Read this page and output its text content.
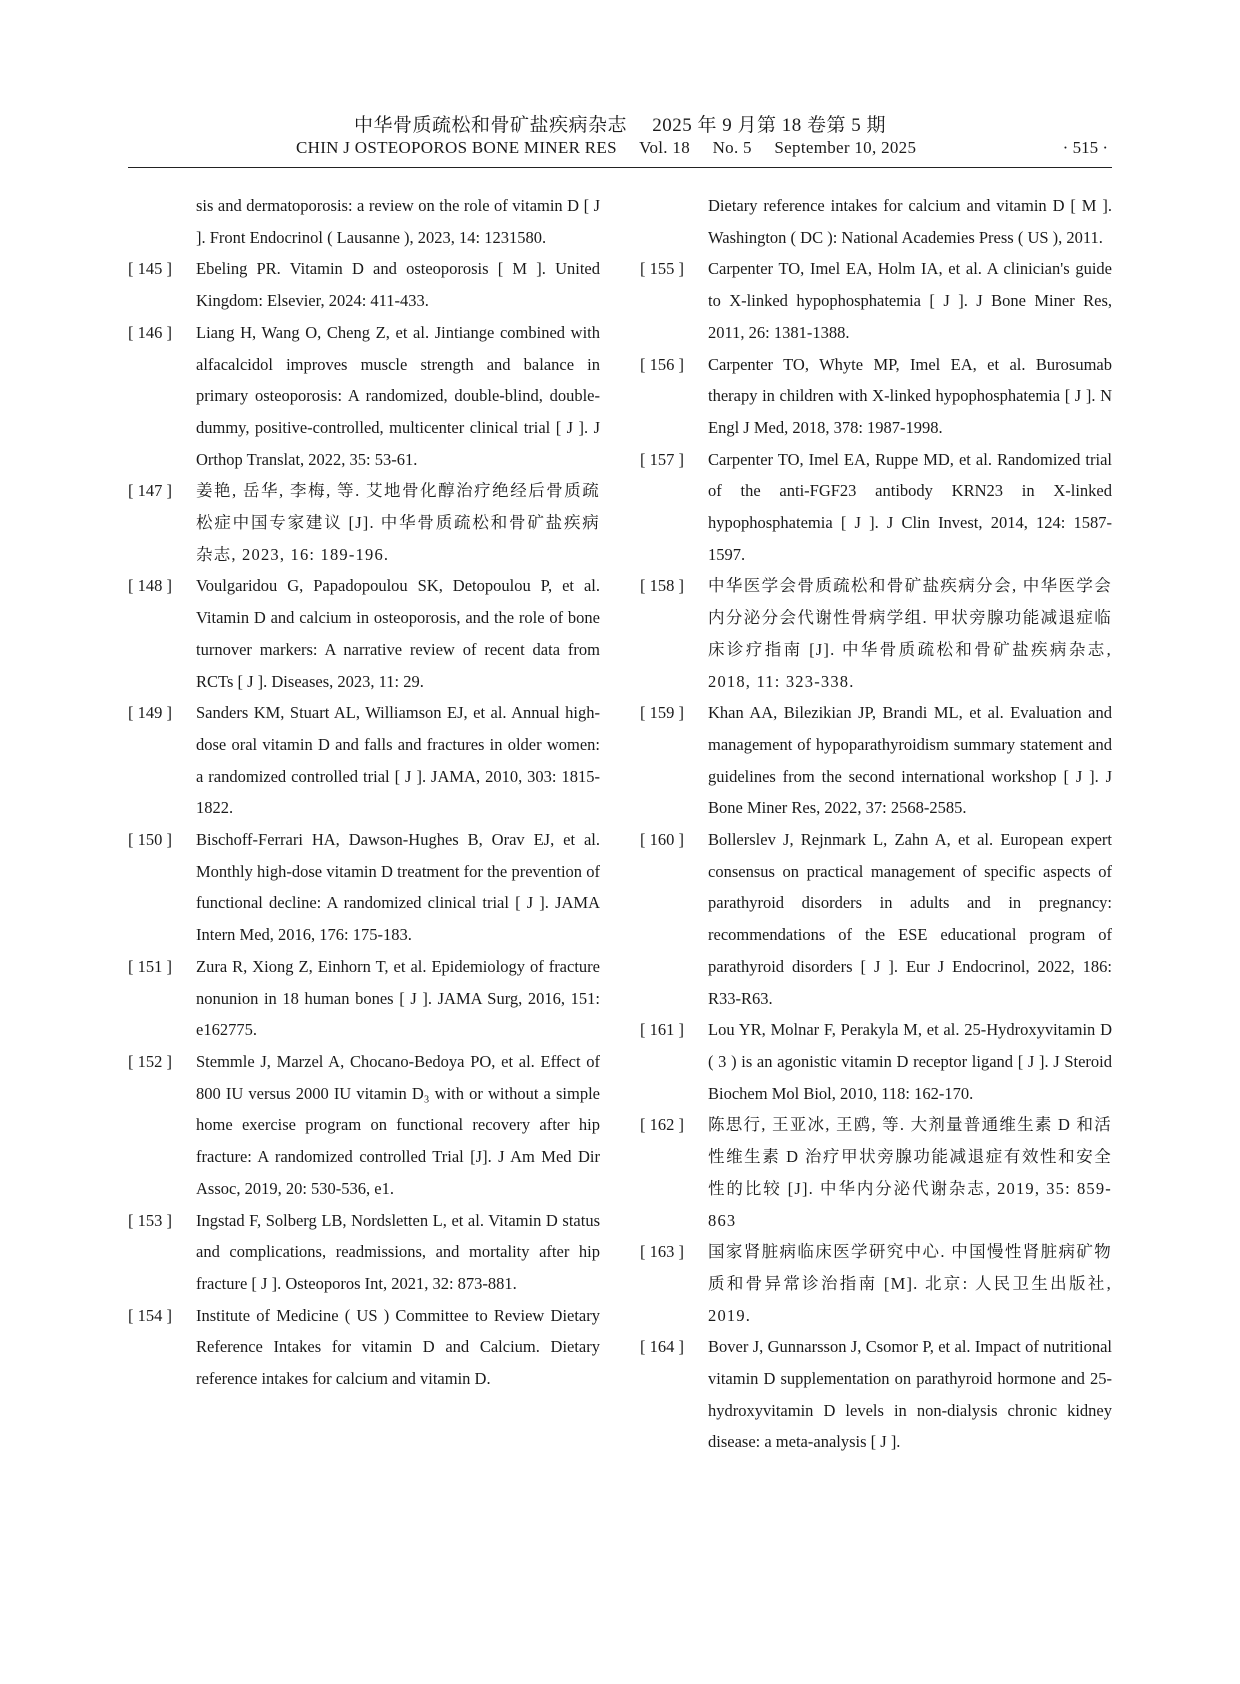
中华骨质疏松和骨矿盐疾病杂志 2025 年 9 月第 18 卷第 5 期
CHIN J OSTEOPOROS BONE MINER RES Vol. 18 No. 5 September 10, 2025	· 515 ·
sis and dermatoporosis: a review on the role of vitamin D [ J ]. Front Endocrinol ( Lausanne ), 2023, 14: 1231580.
[ 145 ]	Ebeling PR. Vitamin D and osteoporosis [ M ]. United Kingdom: Elsevier, 2024: 411-433.
[ 146 ]	Liang H, Wang O, Cheng Z, et al. Jintiange combined with alfacalcidol improves muscle strength and balance in primary osteoporosis: A randomized, double-blind, double-dummy, positive-controlled, multicenter clinical trial [ J ]. J Orthop Translat, 2022, 35: 53-61.
[ 147 ]	姜艳, 岳华, 李梅, 等. 艾地骨化醇治疗绝经后骨质疏松症中国专家建议 [J]. 中华骨质疏松和骨矿盐疾病杂志, 2023, 16: 189-196.
[ 148 ]	Voulgaridou G, Papadopoulou SK, Detopoulou P, et al. Vitamin D and calcium in osteoporosis, and the role of bone turnover markers: A narrative review of recent data from RCTs [ J ]. Diseases, 2023, 11: 29.
[ 149 ]	Sanders KM, Stuart AL, Williamson EJ, et al. Annual high-dose oral vitamin D and falls and fractures in older women: a randomized controlled trial [ J ]. JAMA, 2010, 303: 1815-1822.
[ 150 ]	Bischoff-Ferrari HA, Dawson-Hughes B, Orav EJ, et al. Monthly high-dose vitamin D treatment for the prevention of functional decline: A randomized clinical trial [ J ]. JAMA Intern Med, 2016, 176: 175-183.
[ 151 ]	Zura R, Xiong Z, Einhorn T, et al. Epidemiology of fracture nonunion in 18 human bones [ J ]. JAMA Surg, 2016, 151: e162775.
[ 152 ]	Stemmle J, Marzel A, Chocano-Bedoya PO, et al. Effect of 800 IU versus 2000 IU vitamin D₃ with or without a simple home exercise program on functional recovery after hip fracture: A randomized controlled Trial [J]. J Am Med Dir Assoc, 2019, 20: 530-536, e1.
[ 153 ]	Ingstad F, Solberg LB, Nordsletten L, et al. Vitamin D status and complications, readmissions, and mortality after hip fracture [ J ]. Osteoporos Int, 2021, 32: 873-881.
[ 154 ]	Institute of Medicine ( US ) Committee to Review Dietary Reference Intakes for vitamin D and Calcium. Dietary reference intakes for calcium and vitamin D.
Dietary reference intakes for calcium and vitamin D [ M ]. Washington ( DC ): National Academies Press ( US ), 2011.
[ 155 ]	Carpenter TO, Imel EA, Holm IA, et al. A clinician's guide to X-linked hypophosphatemia [ J ]. J Bone Miner Res, 2011, 26: 1381-1388.
[ 156 ]	Carpenter TO, Whyte MP, Imel EA, et al. Burosumab therapy in children with X-linked hypophosphatemia [ J ]. N Engl J Med, 2018, 378: 1987-1998.
[ 157 ]	Carpenter TO, Imel EA, Ruppe MD, et al. Randomized trial of the anti-FGF23 antibody KRN23 in X-linked hypophosphatemia [ J ]. J Clin Invest, 2014, 124: 1587-1597.
[ 158 ]	中华医学会骨质疏松和骨矿盐疾病分会, 中华医学会内分泌分会代谢性骨病学组. 甲状旁腺功能减退症临床诊疗指南 [J]. 中华骨质疏松和骨矿盐疾病杂志, 2018, 11: 323-338.
[ 159 ]	Khan AA, Bilezikian JP, Brandi ML, et al. Evaluation and management of hypoparathyroidism summary statement and guidelines from the second international workshop [ J ]. J Bone Miner Res, 2022, 37: 2568-2585.
[ 160 ]	Bollerslev J, Rejnmark L, Zahn A, et al. European expert consensus on practical management of specific aspects of parathyroid disorders in adults and in pregnancy: recommendations of the ESE educational program of parathyroid disorders [ J ]. Eur J Endocrinol, 2022, 186: R33-R63.
[ 161 ]	Lou YR, Molnar F, Perakyla M, et al. 25-Hydroxyvitamin D ( 3 ) is an agonistic vitamin D receptor ligand [ J ]. J Steroid Biochem Mol Biol, 2010, 118: 162-170.
[ 162 ]	陈思行, 王亚冰, 王鸥, 等. 大剂量普通维生素 D 和活性维生素 D 治疗甲状旁腺功能减退症有效性和安全性的比较 [J]. 中华内分泌代谢杂志, 2019, 35: 859-863
[ 163 ]	国家肾脏病临床医学研究中心. 中国慢性肾脏病矿物质和骨异常诊治指南 [M]. 北京: 人民卫生出版社, 2019.
[ 164 ]	Bover J, Gunnarsson J, Csomor P, et al. Impact of nutritional vitamin D supplementation on parathyroid hormone and 25-hydroxyvitamin D levels in non-dialysis chronic kidney disease: a meta-analysis [ J ].
